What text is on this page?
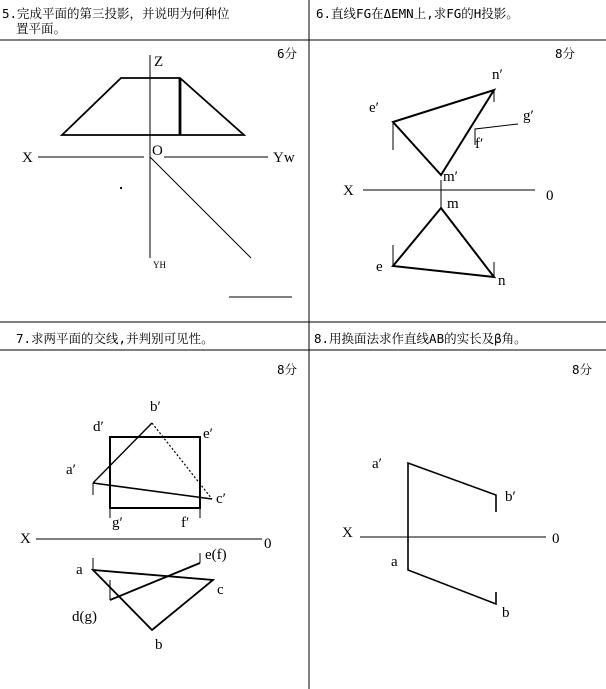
5.完成平面的第三投影，并说明为何种位
置平面。
6分
6.直线FG在ΔEMN上,求FG的H投影。
8分
7.求两平面的交线,并判别可见性。
8分
8.用换面法求作直线AB的实长及β角。
8分
Z
X	O	Yw
YH
n′
e′	g′
f′
m′
X	0
m
e
n
d′
b′
e′
a′
c′
g′	f′
X	0
e(f)
a
c
d(g)
b
a′
b′
X	0
a
b
